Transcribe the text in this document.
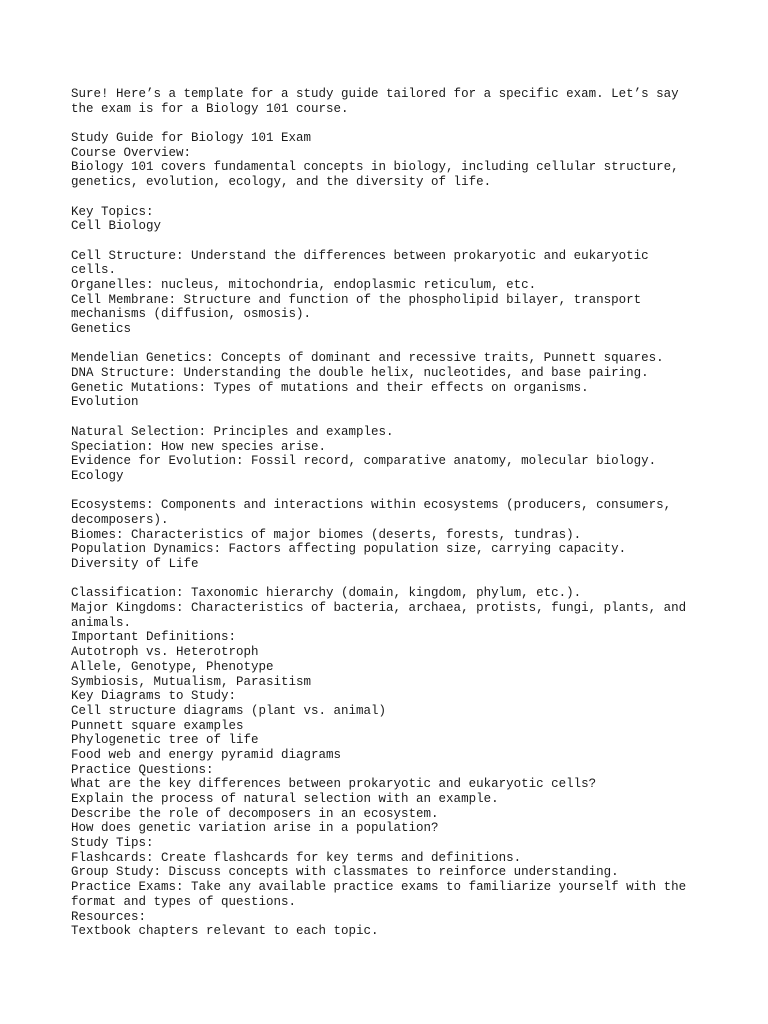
Sure! Here’s a template for a study guide tailored for a specific exam. Let’s say
the exam is for a Biology 101 course.
Study Guide for Biology 101 Exam
Course Overview:
Biology 101 covers fundamental concepts in biology, including cellular structure,
genetics, evolution, ecology, and the diversity of life.
Key Topics:
Cell Biology
Cell Structure: Understand the differences between prokaryotic and eukaryotic
cells.
Organelles: nucleus, mitochondria, endoplasmic reticulum, etc.
Cell Membrane: Structure and function of the phospholipid bilayer, transport
mechanisms (diffusion, osmosis).
Genetics
Mendelian Genetics: Concepts of dominant and recessive traits, Punnett squares.
DNA Structure: Understanding the double helix, nucleotides, and base pairing.
Genetic Mutations: Types of mutations and their effects on organisms.
Evolution
Natural Selection: Principles and examples.
Speciation: How new species arise.
Evidence for Evolution: Fossil record, comparative anatomy, molecular biology.
Ecology
Ecosystems: Components and interactions within ecosystems (producers, consumers,
decomposers).
Biomes: Characteristics of major biomes (deserts, forests, tundras).
Population Dynamics: Factors affecting population size, carrying capacity.
Diversity of Life
Classification: Taxonomic hierarchy (domain, kingdom, phylum, etc.).
Major Kingdoms: Characteristics of bacteria, archaea, protists, fungi, plants, and
animals.
Important Definitions:
Autotroph vs. Heterotroph
Allele, Genotype, Phenotype
Symbiosis, Mutualism, Parasitism
Key Diagrams to Study:
Cell structure diagrams (plant vs. animal)
Punnett square examples
Phylogenetic tree of life
Food web and energy pyramid diagrams
Practice Questions:
What are the key differences between prokaryotic and eukaryotic cells?
Explain the process of natural selection with an example.
Describe the role of decomposers in an ecosystem.
How does genetic variation arise in a population?
Study Tips:
Flashcards: Create flashcards for key terms and definitions.
Group Study: Discuss concepts with classmates to reinforce understanding.
Practice Exams: Take any available practice exams to familiarize yourself with the
format and types of questions.
Resources:
Textbook chapters relevant to each topic.
